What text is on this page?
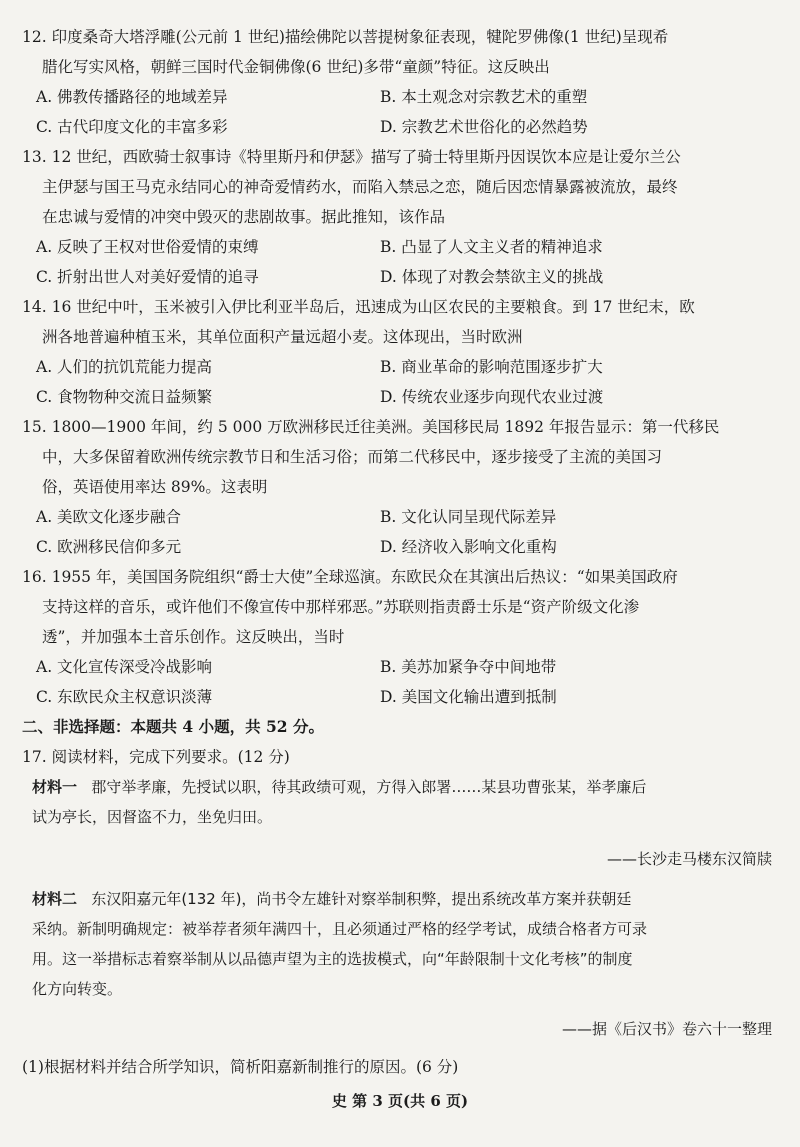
12. 印度桑奇大塔浮雕(公元前 1 世纪)描绘佛陀以菩提树象征表现，犍陀罗佛像(1 世纪)呈现希
腊化写实风格，朝鲜三国时代金铜佛像(6 世纪)多带“童颜”特征。这反映出
A. 佛教传播路径的地域差异	B. 本土观念对宗教艺术的重塑
C. 古代印度文化的丰富多彩	D. 宗教艺术世俗化的必然趋势
13. 12 世纪，西欧骑士叙事诗《特里斯丹和伊瑟》描写了骑士特里斯丹因误饮本应是让爱尔兰公
主伊瑟与国王马克永结同心的神奇爱情药水，而陷入禁忌之恋，随后因恋情暴露被流放，最终
在忠诚与爱情的冲突中毁灭的悲剧故事。据此推知，该作品
A. 反映了王权对世俗爱情的束缚	B. 凸显了人文主义者的精神追求
C. 折射出世人对美好爱情的追寻	D. 体现了对教会禁欲主义的挑战
14. 16 世纪中叶，玉米被引入伊比利亚半岛后，迅速成为山区农民的主要粮食。到 17 世纪末，欧
洲各地普遍种植玉米，其单位面积产量远超小麦。这体现出，当时欧洲
A. 人们的抗饥荒能力提高	B. 商业革命的影响范围逐步扩大
C. 食物物种交流日益频繁	D. 传统农业逐步向现代农业过渡
15. 1800—1900 年间，约 5 000 万欧洲移民迁往美洲。美国移民局 1892 年报告显示：第一代移民
中，大多保留着欧洲传统宗教节日和生活习俗；而第二代移民中，逐步接受了主流的美国习
俗，英语使用率达 89%。这表明
A. 美欧文化逐步融合	B. 文化认同呈现代际差异
C. 欧洲移民信仰多元	D. 经济收入影响文化重构
16. 1955 年，美国国务院组织“爵士大使”全球巡演。东欧民众在其演出后热议：“如果美国政府
支持这样的音乐，或许他们不像宣传中那样邪恶。”苏联则指责爵士乐是“资产阶级文化渗
透”，并加强本土音乐创作。这反映出，当时
A. 文化宣传深受冷战影响	B. 美苏加紧争夺中间地带
C. 东欧民众主权意识淡薄	D. 美国文化输出遭到抵制
二、非选择题：本题共 4 小题，共 52 分。
17. 阅读材料，完成下列要求。(12 分)
材料一 郡守举孝廉，先授试以职，待其政绩可观，方得入郎署……某县功曹张某，举孝廉后
试为亭长，因督盗不力，坐免归田。
——长沙走马楼东汉简牍
材料二 东汉阳嘉元年(132 年)，尚书令左雄针对察举制积弊，提出系统改革方案并获朝廷
采纳。新制明确规定：被举荐者须年满四十，且必须通过严格的经学考试，成绩合格者方可录
用。这一举措标志着察举制从以品德声望为主的选拔模式，向“年龄限制十文化考核”的制度
化方向转变。
——据《后汉书》卷六十一整理
(1)根据材料并结合所学知识，简析阳嘉新制推行的原因。(6 分)
史 第 3 页(共 6 页)
